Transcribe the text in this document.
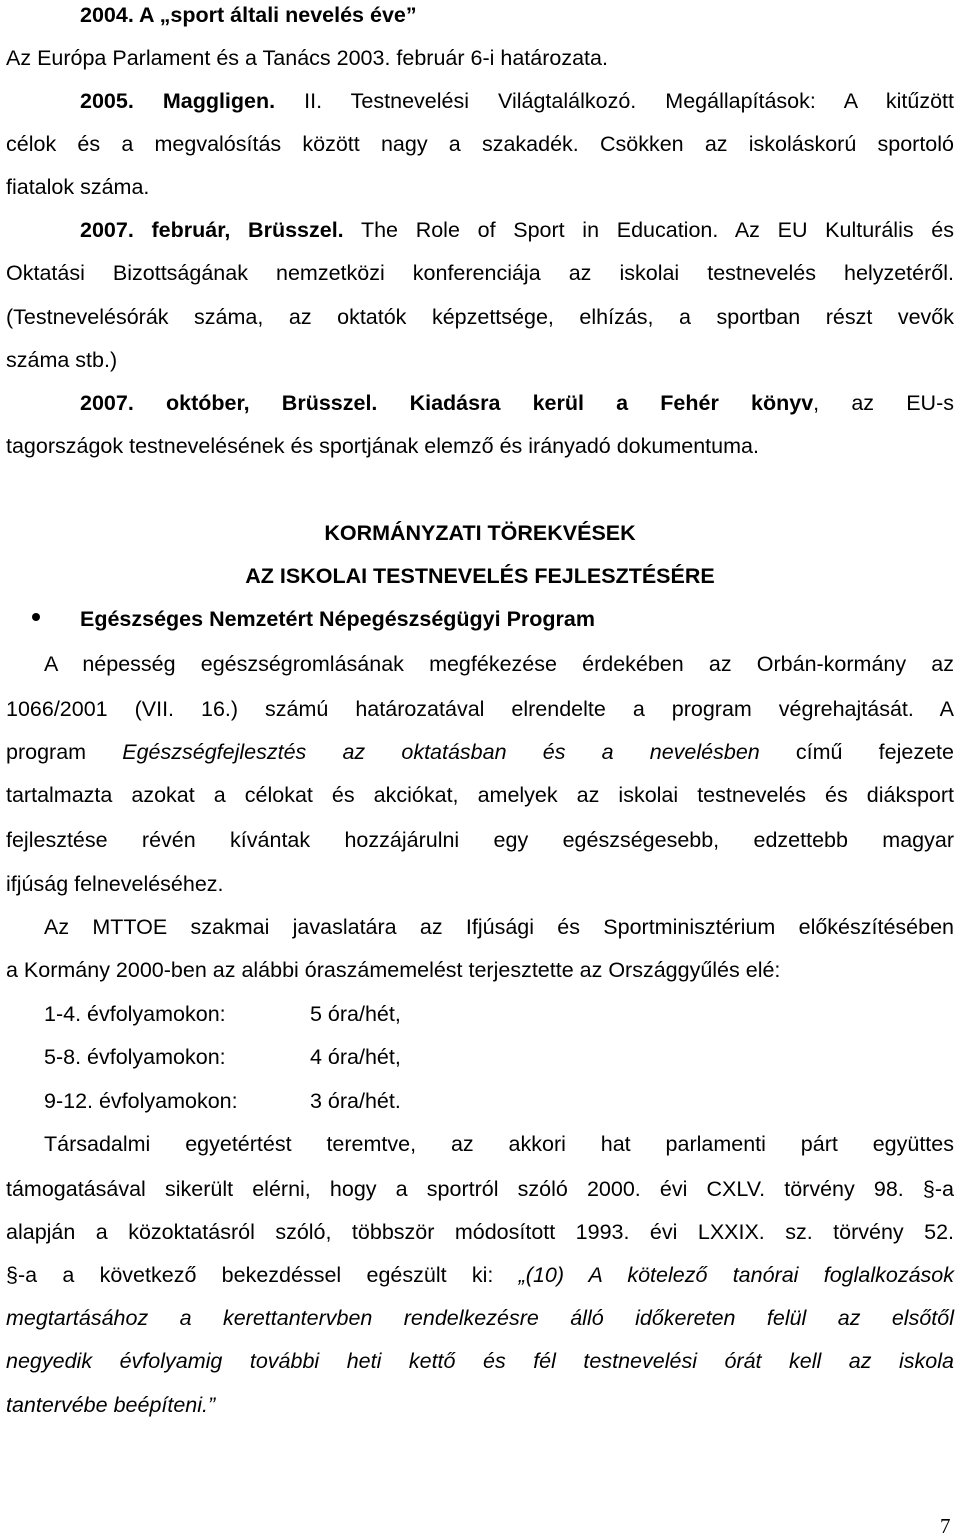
2004. A „sport általi nevelés éve”
Az Európa Parlament és a Tanács 2003. február 6-i határozata.
2005. Maggligen. II. Testnevelési Világtalálkozó. Megállapítások: A kitűzött
célok és a megvalósítás között nagy a szakadék. Csökken az iskoláskorú sportoló
fiatalok száma.
2007. február, Brüsszel. The Role of Sport in Education. Az EU Kulturális és
Oktatási Bizottságának nemzetközi konferenciája az iskolai testnevelés helyzetéről.
(Testnevelésórák száma, az oktatók képzettsége, elhízás, a sportban részt vevők
száma stb.)
2007. október, Brüsszel. Kiadásra kerül a Fehér könyv, az EU-s
tagországok testnevelésének és sportjának elemző és irányadó dokumentuma.
KORMÁNYZATI TÖREKVÉSEK
AZ ISKOLAI TESTNEVELÉS FEJLESZTÉSÉRE
Egészséges Nemzetért Népegészségügyi Program
A népesség egészségromlásának megfékezése érdekében az Orbán-kormány az
1066/2001 (VII. 16.) számú határozatával elrendelte a program végrehajtását. A
program Egészségfejlesztés az oktatásban és a nevelésben című fejezete
tartalmazta azokat a célokat és akciókat, amelyek az iskolai testnevelés és diáksport
fejlesztése révén kívántak hozzájárulni egy egészségesebb, edzettebb magyar
ifjúság felneveléséhez.
Az MTTOE szakmai javaslatára az Ifjúsági és Sportminisztérium előkészítésében
a Kormány 2000-ben az alábbi óraszámemelést terjesztette az Országgyűlés elé:
1-4. évfolyamokon:	5 óra/hét,
5-8. évfolyamokon:	4 óra/hét,
9-12. évfolyamokon:	3 óra/hét.
Társadalmi egyetértést teremtve, az akkori hat parlamenti párt együttes
támogatásával sikerült elérni, hogy a sportról szóló 2000. évi CXLV. törvény 98. §-a
alapján a közoktatásról szóló, többször módosított 1993. évi LXXIX. sz. törvény 52.
§-a a következő bekezdéssel egészült ki: „(10) A kötelező tanórai foglalkozások
megtartásához a kerettantervben rendelkezésre álló időkereten felül az elsőtől
negyedik évfolyamig további heti kettő és fél testnevelési órát kell az iskola
tantervébe beépíteni.”
7
